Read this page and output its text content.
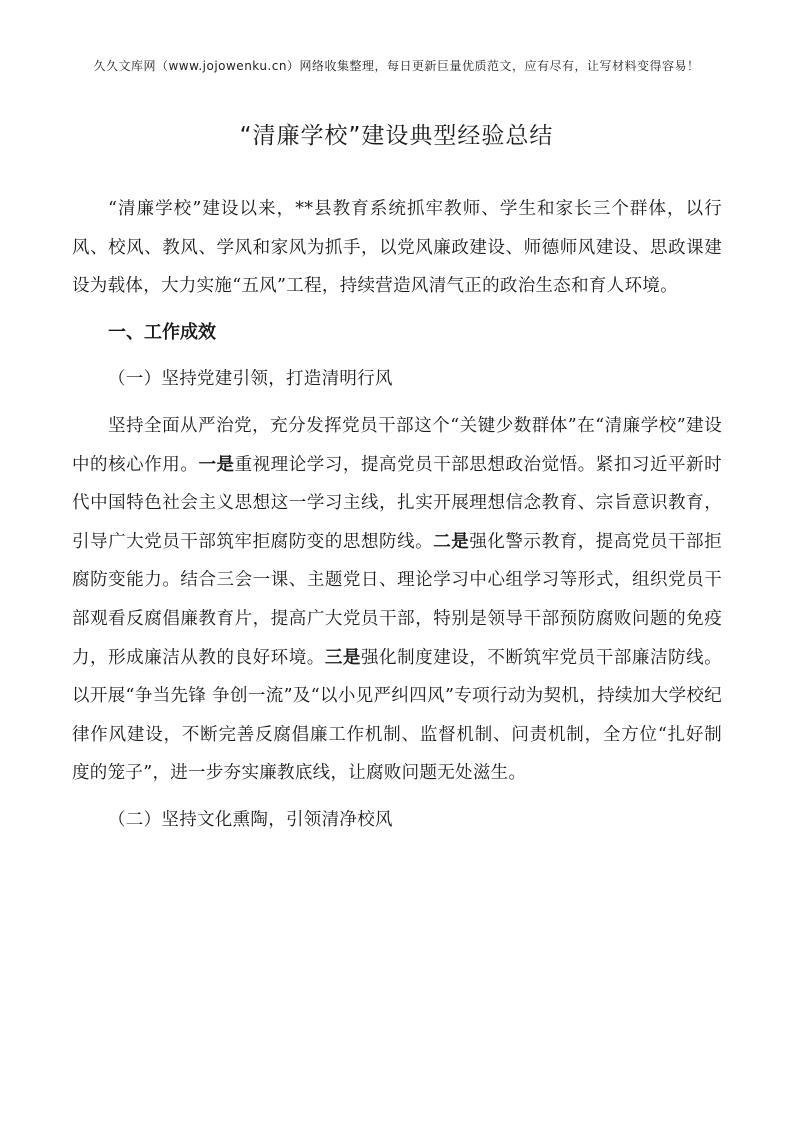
久久文库网（www.jojowenku.cn）网络收集整理，每日更新巨量优质范文，应有尽有，让写材料变得容易！
“清廉学校”建设典型经验总结

“清廉学校”建设以来，**县教育系统抓牢教师、学生和家长三个群体，以行风、校风、教风、学风和家风为抓手，以党风廉政建设、师德师风建设、思政课建设为载体，大力实施“五风”工程，持续营造风清气正的政治生态和育人环境。

一、工作成效

（一）坚持党建引领，打造清明行风

坚持全面从严治党，充分发挥党员干部这个“关键少数群体”在“清廉学校”建设中的核心作用。一是重视理论学习，提高党员干部思想政治觉悟。紧扣习近平新时代中国特色社会主义思想这一学习主线，扎实开展理想信念教育、宗旨意识教育，引导广大党员干部筑牢拒腐防变的思想防线。二是强化警示教育，提高党员干部拒腐防变能力。结合三会一课、主题党日、理论学习中心组学习等形式，组织党员干部观看反腐倡廉教育片，提高广大党员干部，特别是领导干部预防腐败问题的免疫力，形成廉洁从教的良好环境。三是强化制度建设，不断筑牢党员干部廉洁防线。以开展“争当先锋 争创一流”及“以小见严纠四风”专项行动为契机，持续加大学校纪律作风建设，不断完善反腐倡廉工作机制、监督机制、问责机制，全方位“扎好制度的笼子”，进一步夯实廉教底线，让腐败问题无处滋生。

（二）坚持文化熏陶，引领清净校风
